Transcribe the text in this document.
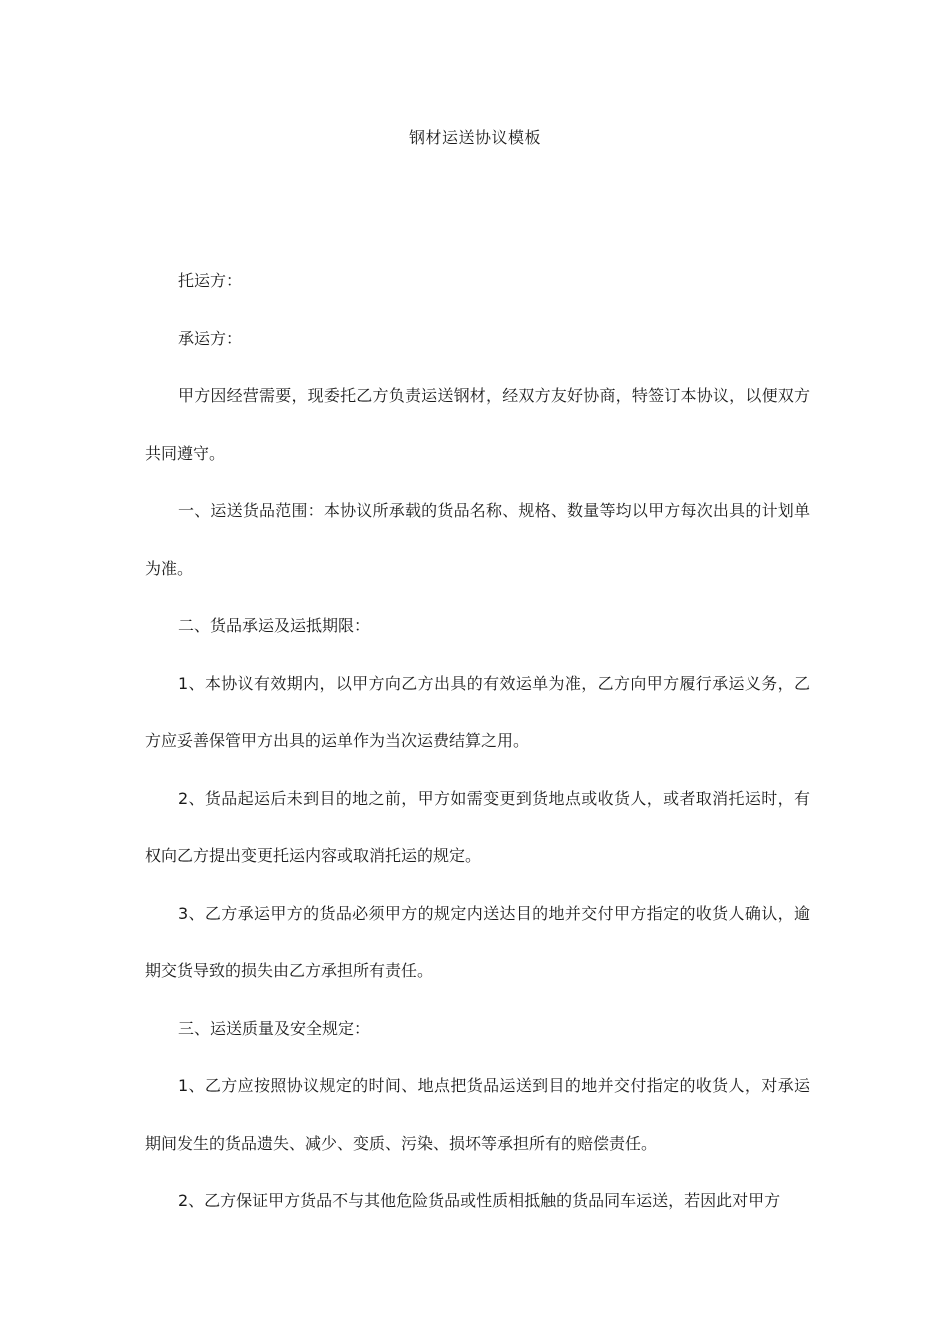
钢材运送协议模板

托运方：

承运方：

甲方因经营需要，现委托乙方负责运送钢材，经双方友好协商，特签订本协议，以便双方共同遵守。

一、运送货品范围：本协议所承载的货品名称、规格、数量等均以甲方每次出具的计划单为准。

二、货品承运及运抵期限：

1、本协议有效期内，以甲方向乙方出具的有效运单为准，乙方向甲方履行承运义务，乙方应妥善保管甲方出具的运单作为当次运费结算之用。

2、货品起运后未到目的地之前，甲方如需变更到货地点或收货人，或者取消托运时，有权向乙方提出变更托运内容或取消托运的规定。

3、乙方承运甲方的货品必须甲方的规定内送达目的地并交付甲方指定的收货人确认，逾期交货导致的损失由乙方承担所有责任。

三、运送质量及安全规定：

1、乙方应按照协议规定的时间、地点把货品运送到目的地并交付指定的收货人，对承运期间发生的货品遗失、减少、变质、污染、损坏等承担所有的赔偿责任。

2、乙方保证甲方货品不与其他危险货品或性质相抵触的货品同车运送，若因此对甲方
